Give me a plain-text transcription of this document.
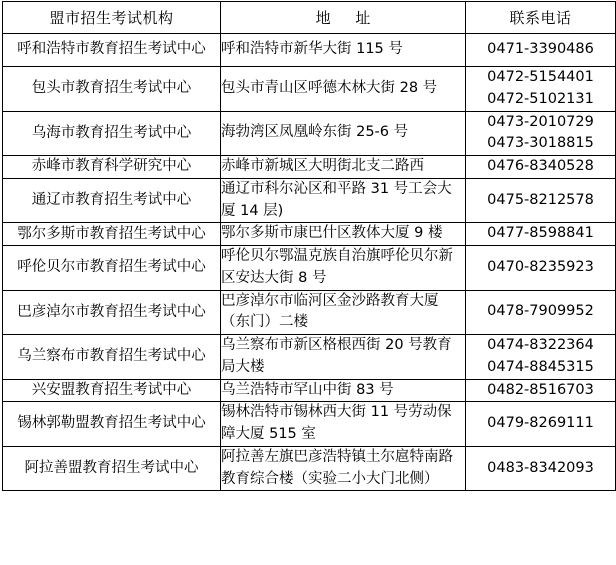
盟市招生考试机构	地 址	联系电话
呼和浩特市教育招生考试中心	呼和浩特市新华大街 115 号	0471-3390486

包头市教育招生考试中心	包头市青山区呼德木林大街 28 号	0472-5154401
0472-5102131

乌海市教育招生考试中心	海勃湾区凤凰岭东街 25-6 号	0473-2010729
0473-3018815

赤峰市教育科学研究中心	赤峰市新城区大明街北支二路西	0476-8340528

通辽市教育招生考试中心	通辽市科尔沁区和平路 31 号工会大厦 14 层)	0475-8212578

鄂尔多斯市教育招生考试中心	鄂尔多斯市康巴什区教体大厦 9 楼	0477-8598841

呼伦贝尔市教育招生考试中心	呼伦贝尔鄂温克族自治旗呼伦贝尔新区安达大街 8 号	0470-8235923

巴彦淖尔市教育招生考试中心	巴彦淖尔市临河区金沙路教育大厦（东门）二楼	0478-7909952

乌兰察布市教育招生考试中心	乌兰察布市新区格根西街 20 号教育局大楼	0474-8322364
0474-8845315

兴安盟教育招生考试中心	乌兰浩特市罕山中街 83 号	0482-8516703

锡林郭勒盟教育招生考试中心	锡林浩特市锡林西大街 11 号劳动保障大厦 515 室	0479-8269111

阿拉善盟教育招生考试中心	阿拉善左旗巴彦浩特镇土尔扈特南路教育综合楼（实验二小大门北侧）	0483-8342093
